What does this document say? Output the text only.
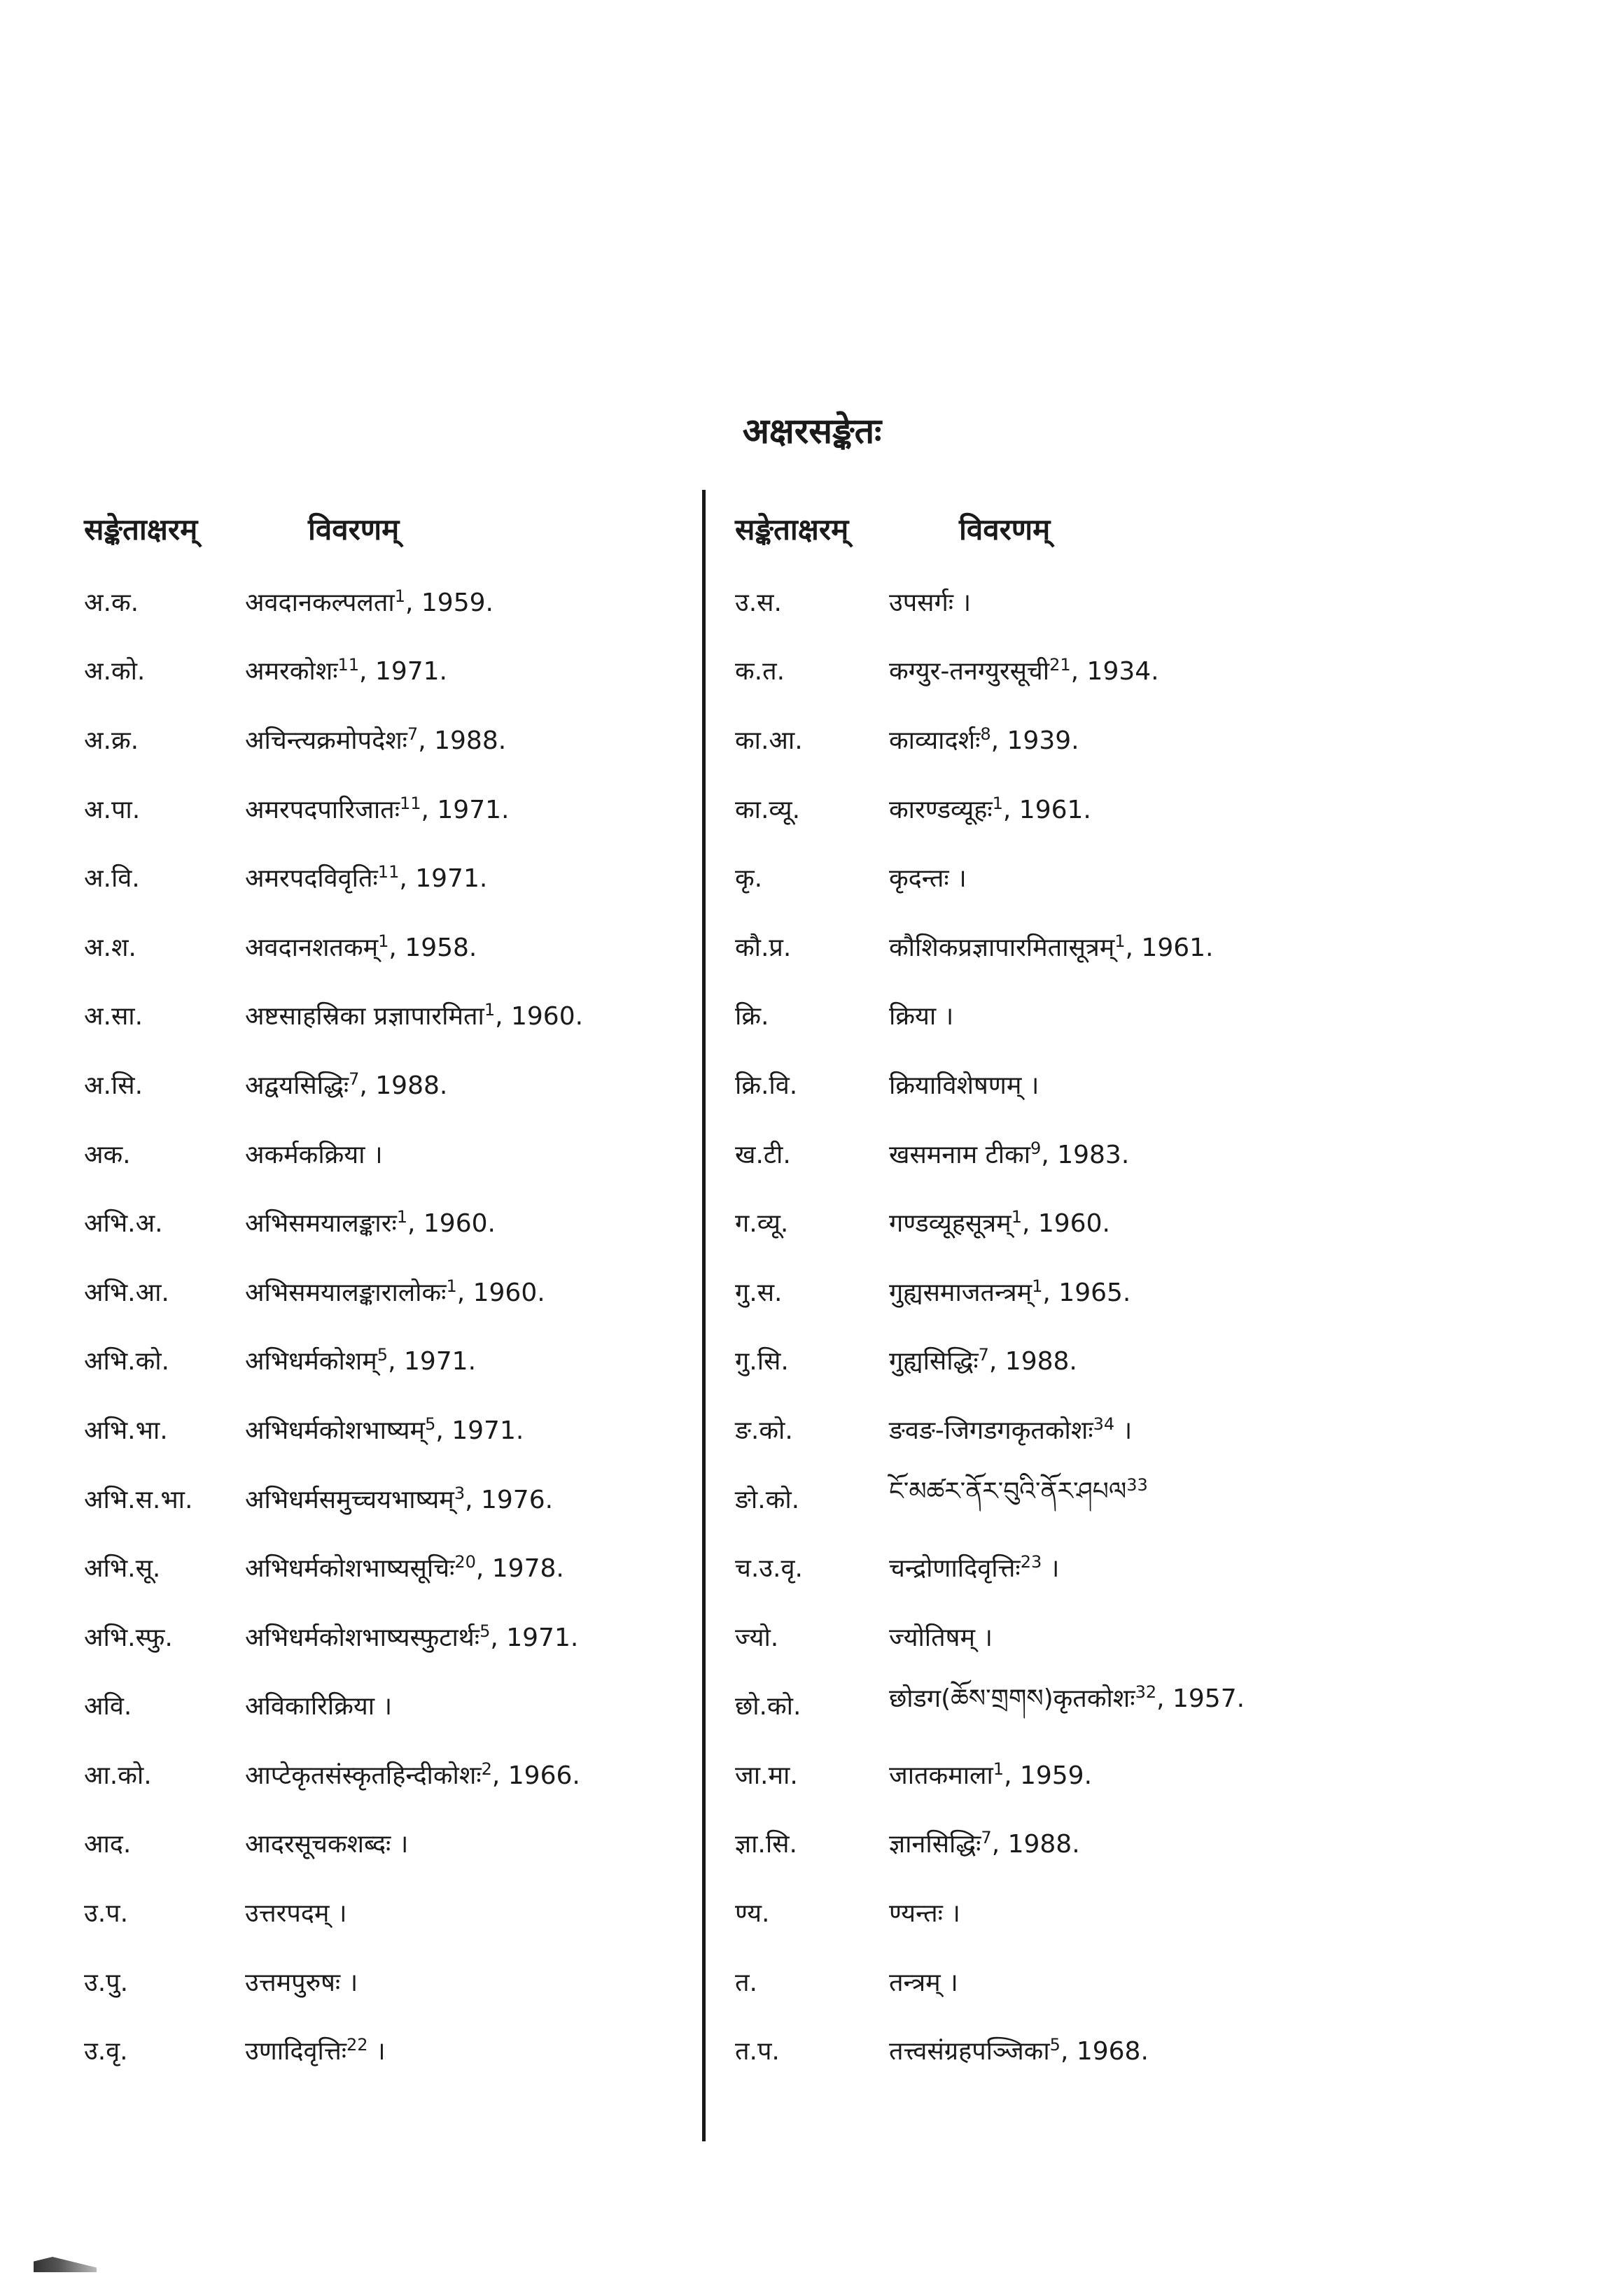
अक्षरसङ्केतः
सङ्केताक्षरम्	विवरणम्
अ.क.	अवदानकल्पलता$^1$, 1959.
अ.को.	अमरकोशः$^{11}$, 1971.
अ.क्र.	अचिन्त्यक्रमोपदेशः$^7$, 1988.
अ.पा.	अमरपदपारिजातः$^{11}$, 1971.
अ.वि.	अमरपदविवृतिः$^{11}$, 1971.
अ.श.	अवदानशतकम्$^1$, 1958.
अ.सा.	अष्टसाहस्रिका प्रज्ञापारमिता$^1$, 1960.
अ.सि.	अद्वयसिद्धिः$^7$, 1988.
अक.	अकर्मकक्रिया ।
अभि.अ.	अभिसमयालङ्कारः$^1$, 1960.
अभि.आ.	अभिसमयालङ्कारालोकः$^1$, 1960.
अभि.को.	अभिधर्मकोशम्$^5$, 1971.
अभि.भा.	अभिधर्मकोशभाष्यम्$^5$, 1971.
अभि.स.भा.	अभिधर्मसमुच्चयभाष्यम्$^3$, 1976.
अभि.सू.	अभिधर्मकोशभाष्यसूचिः$^{20}$, 1978.
अभि.स्फु.	अभिधर्मकोशभाष्यस्फुटार्थः$^5$, 1971.
अवि.	अविकारिक्रिया ।
आ.को.	आप्टेकृतसंस्कृतहिन्दीकोशः$^2$, 1966.
आद.	आदरसूचकशब्दः ।
उ.प.	उत्तरपदम् ।
उ.पु.	उत्तमपुरुषः ।
उ.वृ.	उणादिवृत्तिः$^{22}$ ।
सङ्केताक्षरम्	विवरणम्
उ.स.	उपसर्गः ।
क.त.	कग्युर-तनग्युरसूची$^{21}$, 1934.
का.आ.	काव्यादर्शः$^8$, 1939.
का.व्यू.	कारण्डव्यूहः$^1$, 1961.
कृ.	कृदन्तः ।
कौ.प्र.	कौशिकप्रज्ञापारमितासूत्रम्$^1$, 1961.
क्रि.	क्रिया ।
क्रि.वि.	क्रियाविशेषणम् ।
ख.टी.	खसमनाम टीका$^9$, 1983.
ग.व्यू.	गण्डव्यूहसूत्रम्$^1$, 1960.
गु.स.	गुह्यसमाजतन्त्रम्$^1$, 1965.
गु.सि.	गुह्यसिद्धिः$^7$, 1988.
ङ.को.	ङवङ-जिगडगकृतकोशः$^{34}$ ।
ङो.को.	ངོ་མཚར་ནོར་བུའི་ནོར་ཤཔལ$^{33}$
च.उ.वृ.	चन्द्रोणादिवृत्तिः$^{23}$ ।
ज्यो.	ज्योतिषम् ।
छो.को.	छोडग(ཆོས་གྲགས)कृतकोशः$^{32}$, 1957.
जा.मा.	जातकमाला$^1$, 1959.
ज्ञा.सि.	ज्ञानसिद्धिः$^7$, 1988.
ण्य.	ण्यन्तः ।
त.	तन्त्रम् ।
त.प.	तत्त्वसंग्रहपञ्जिका$^5$, 1968.
